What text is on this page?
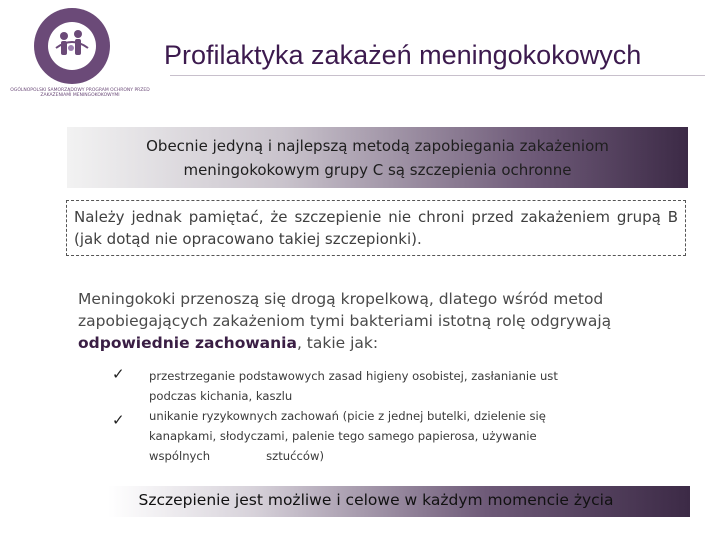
OGÓLNOPOLSKI SAMORZĄDOWY PROGRAM OCHRONY PRZED ZAKAŻENIAMI MENINGOKOKOWYMI
Profilaktyka zakażeń meningokokowych
Obecnie jedyną i najlepszą metodą zapobiegania zakażeniom
meningokokowym grupy C są szczepienia ochronne
Należy jednak pamiętać, że szczepienie nie chroni przed zakażeniem grupą B (jak dotąd nie opracowano takiej szczepionki).
Meningokoki przenoszą się drogą kropelkową, dlatego wśród metod zapobiegających zakażeniom tymi bakteriami istotną rolę odgrywają odpowiednie zachowania, takie jak:
✓ przestrzeganie podstawowych zasad higieny osobistej, zasłanianie ust
podczas kichania, kaszlu
✓ unikanie ryzykownych zachowań (picie z jednej butelki, dzielenie się
kanapkami, słodyczami, palenie tego samego papierosa, używanie
wspólnych	sztućców)
Szczepienie jest możliwe i celowe w każdym momencie życia
